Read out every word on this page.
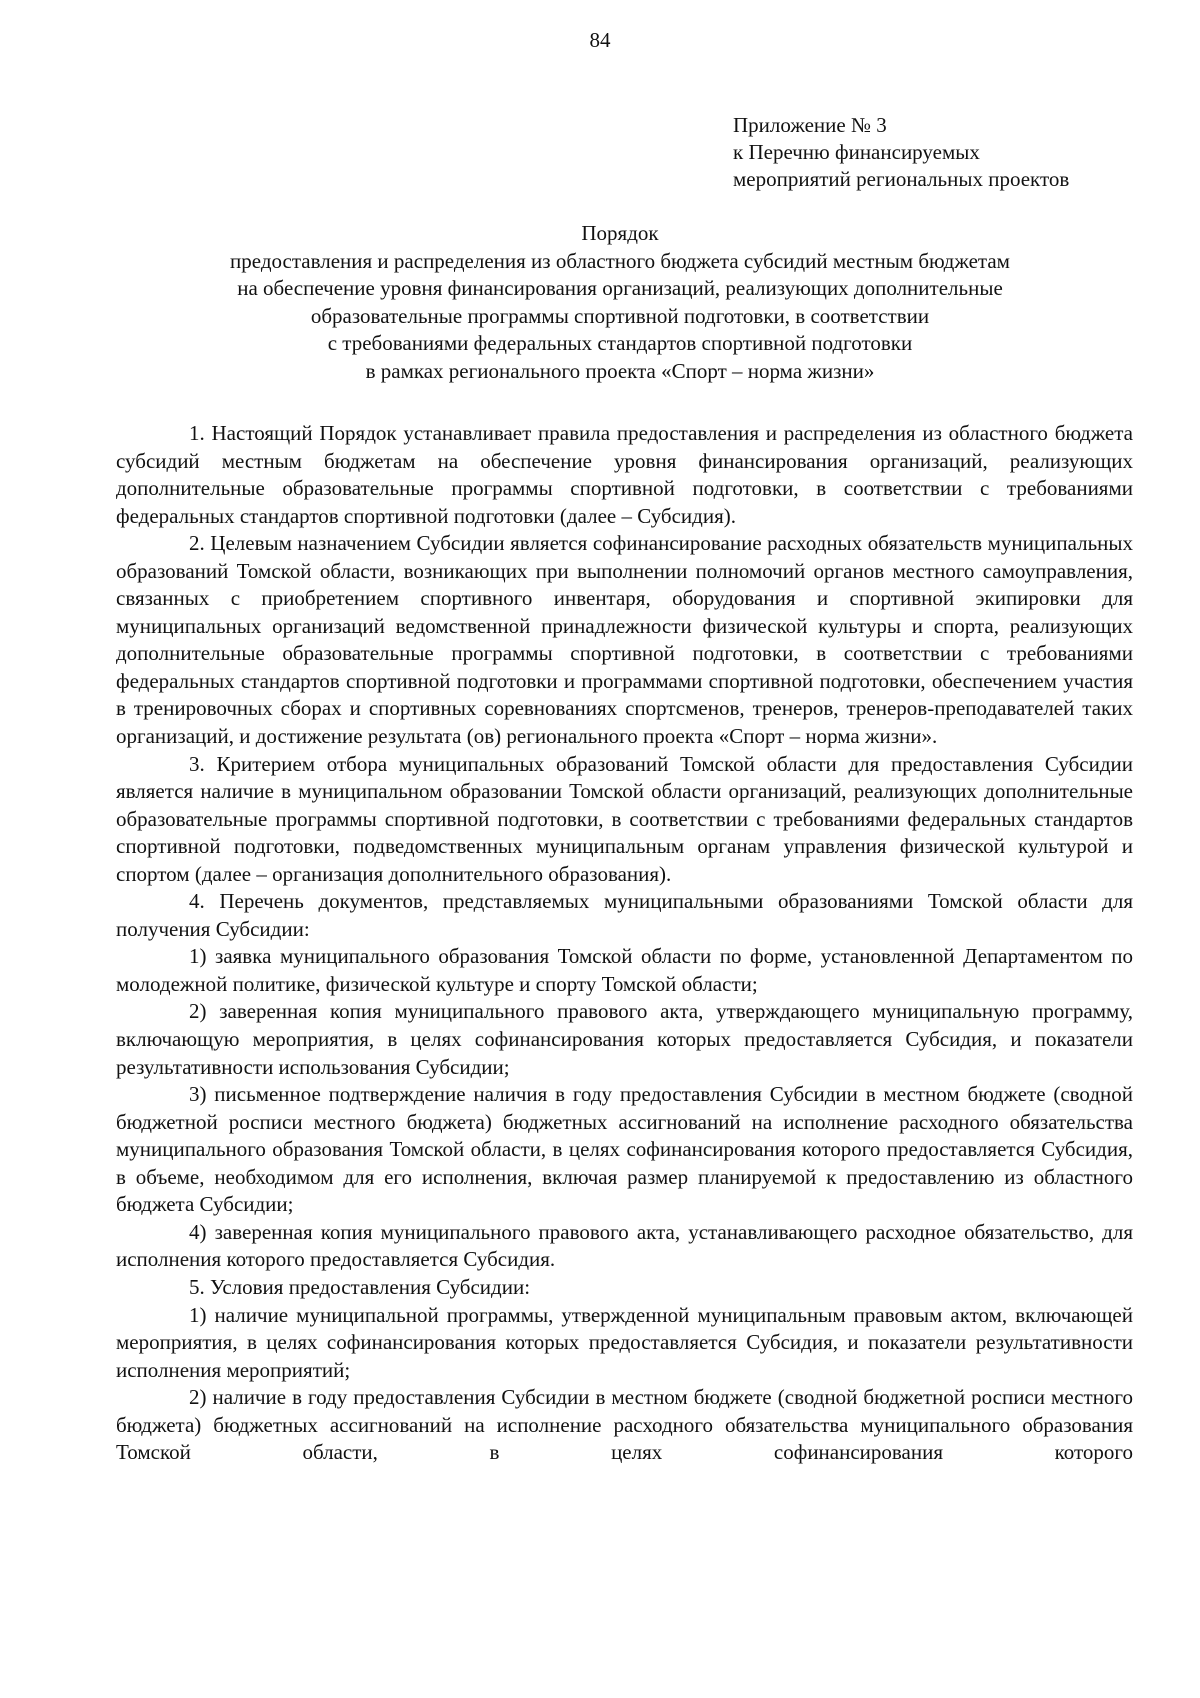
84
Приложение № 3
к Перечню финансируемых
мероприятий региональных проектов
Порядок
предоставления и распределения из областного бюджета субсидий местным бюджетам
на обеспечение уровня финансирования организаций, реализующих дополнительные
образовательные программы спортивной подготовки, в соответствии
с требованиями федеральных стандартов спортивной подготовки
в рамках регионального проекта «Спорт – норма жизни»

1. Настоящий Порядок устанавливает правила предоставления и распределения из областного бюджета субсидий местным бюджетам на обеспечение уровня финансирования организаций, реализующих дополнительные образовательные программы спортивной подготовки, в соответствии с требованиями федеральных стандартов спортивной подготовки (далее – Субсидия).

2. Целевым назначением Субсидии является софинансирование расходных обязательств муниципальных образований Томской области, возникающих при выполнении полномочий органов местного самоуправления, связанных с приобретением спортивного инвентаря, оборудования и спортивной экипировки для муниципальных организаций ведомственной принадлежности физической культуры и спорта, реализующих дополнительные образовательные программы спортивной подготовки, в соответствии с требованиями федеральных стандартов спортивной подготовки и программами спортивной подготовки, обеспечением участия в тренировочных сборах и спортивных соревнованиях спортсменов, тренеров, тренеров-преподавателей таких организаций, и достижение результата (ов) регионального проекта «Спорт – норма жизни».

3. Критерием отбора муниципальных образований Томской области для предоставления Субсидии является наличие в муниципальном образовании Томской области организаций, реализующих дополнительные образовательные программы спортивной подготовки, в соответствии с требованиями федеральных стандартов спортивной подготовки, подведомственных муниципальным органам управления физической культурой и спортом (далее – организация дополнительного образования).

4. Перечень документов, представляемых муниципальными образованиями Томской области для получения Субсидии:

1) заявка муниципального образования Томской области по форме, установленной Департаментом по молодежной политике, физической культуре и спорту Томской области;

2) заверенная копия муниципального правового акта, утверждающего муниципальную программу, включающую мероприятия, в целях софинансирования которых предоставляется Субсидия, и показатели результативности использования Субсидии;

3) письменное подтверждение наличия в году предоставления Субсидии в местном бюджете (сводной бюджетной росписи местного бюджета) бюджетных ассигнований на исполнение расходного обязательства муниципального образования Томской области, в целях софинансирования которого предоставляется Субсидия, в объеме, необходимом для его исполнения, включая размер планируемой к предоставлению из областного бюджета Субсидии;

4) заверенная копия муниципального правового акта, устанавливающего расходное обязательство, для исполнения которого предоставляется Субсидия.

5. Условия предоставления Субсидии:

1) наличие муниципальной программы, утвержденной муниципальным правовым актом, включающей мероприятия, в целях софинансирования которых предоставляется Субсидия, и показатели результативности исполнения мероприятий;

2) наличие в году предоставления Субсидии в местном бюджете (сводной бюджетной росписи местного бюджета) бюджетных ассигнований на исполнение расходного обязательства муниципального образования Томской области, в целях софинансирования которого
